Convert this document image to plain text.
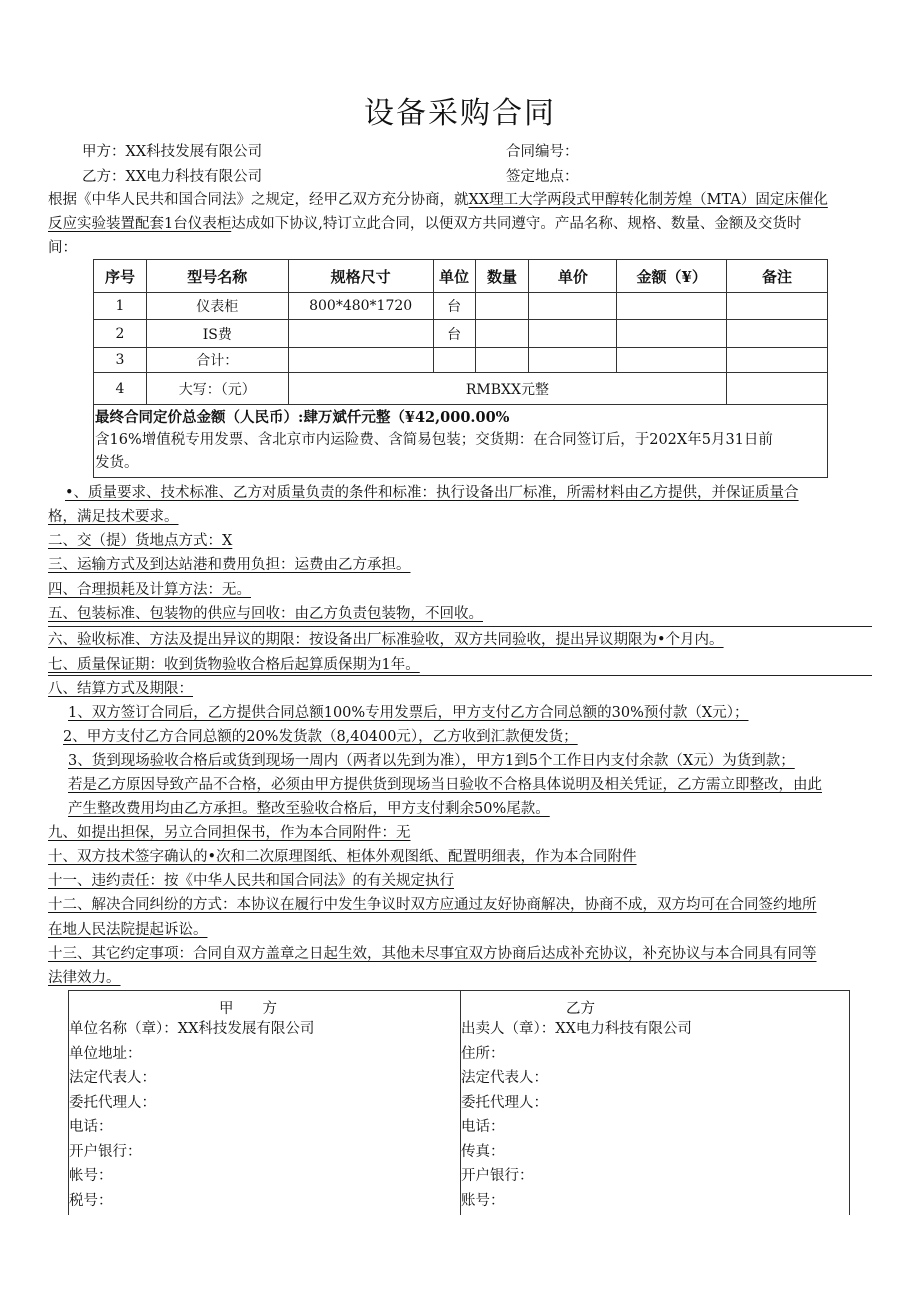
设备采购合同
甲方：XX科技发展有限公司	合同编号：
乙方：XX电力科技有限公司	签定地点：
根据《中华人民共和国合同法》之规定，经甲乙双方充分协商，就XX理工大学两段式甲醇转化制芳煌（MTA）固定床催化
反应实验装置配套1台仪表柜达成如下协议,特订立此合同，以便双方共同遵守。产品名称、规格、数量、金额及交货时
间：
序号	型号名称	规格尺寸	单位	数量	单价	金额（¥）	备注
1	仪表柜	800*480*1720	台				
2	IS费		台				
3	合计：						
4	大写：（元）	RMBXX元整					
最终合同定价总金额（人民币）:肆万斌仟元整（¥42,000.00%
含16%增值税专用发票、含北京市内运险费、含简易包装；交货期：在合同签订后，于202X年5月31日前
发货。
•、质量要求、技术标准、乙方对质量负责的条件和标准：执行设备出厂标准，所需材料由乙方提供，并保证质量合
格，满足技术要求。
二、交（提）货地点方式：X
三、运输方式及到达站港和费用负担：运费由乙方承担。
四、合理损耗及计算方法：无。
五、包装标准、包装物的供应与回收：由乙方负责包装物，不回收。
六、验收标准、方法及提出异议的期限：按设备出厂标准验收，双方共同验收，提出异议期限为•个月内。
七、质量保证期：收到货物验收合格后起算质保期为1年。
八、结算方式及期限：
1、双方签订合同后，乙方提供合同总额100%专用发票后，甲方支付乙方合同总额的30%预付款（X元）；
2、甲方支付乙方合同总额的20%发货款（8,40400元），乙方收到汇款便发货；
3、货到现场验收合格后或货到现场一周内（两者以先到为准），甲方1到5个工作日内支付余款（X元）为货到款；
若是乙方原因导致产品不合格，必须由甲方提供货到现场当日验收不合格具体说明及相关凭证，乙方需立即整改，由此
产生整改费用均由乙方承担。整改至验收合格后，甲方支付剩余50%尾款。
九、如提出担保，另立合同担保书，作为本合同附件：无
十、双方技术签字确认的•次和二次原理图纸、柜体外观图纸、配置明细表，作为本合同附件
十一、违约责任：按《中华人民共和国合同法》的有关规定执行
十二、解决合同纠纷的方式：本协议在履行中发生争议时双方应通过友好协商解决，协商不成，双方均可在合同签约地所
在地人民法院提起诉讼。
十三、其它约定事项：合同自双方盖章之日起生效，其他未尽事宜双方协商后达成补充协议，补充协议与本合同具有同等
法律效力。
甲　　方
单位名称（章）：XX科技发展有限公司
单位地址：
法定代表人：
委托代理人：
电话：
开户银行：
帐号：
税号：
乙方
出卖人（章）：XX电力科技有限公司
住所：
法定代表人：
委托代理人：
电话：
传真：
开户银行：
账号：
